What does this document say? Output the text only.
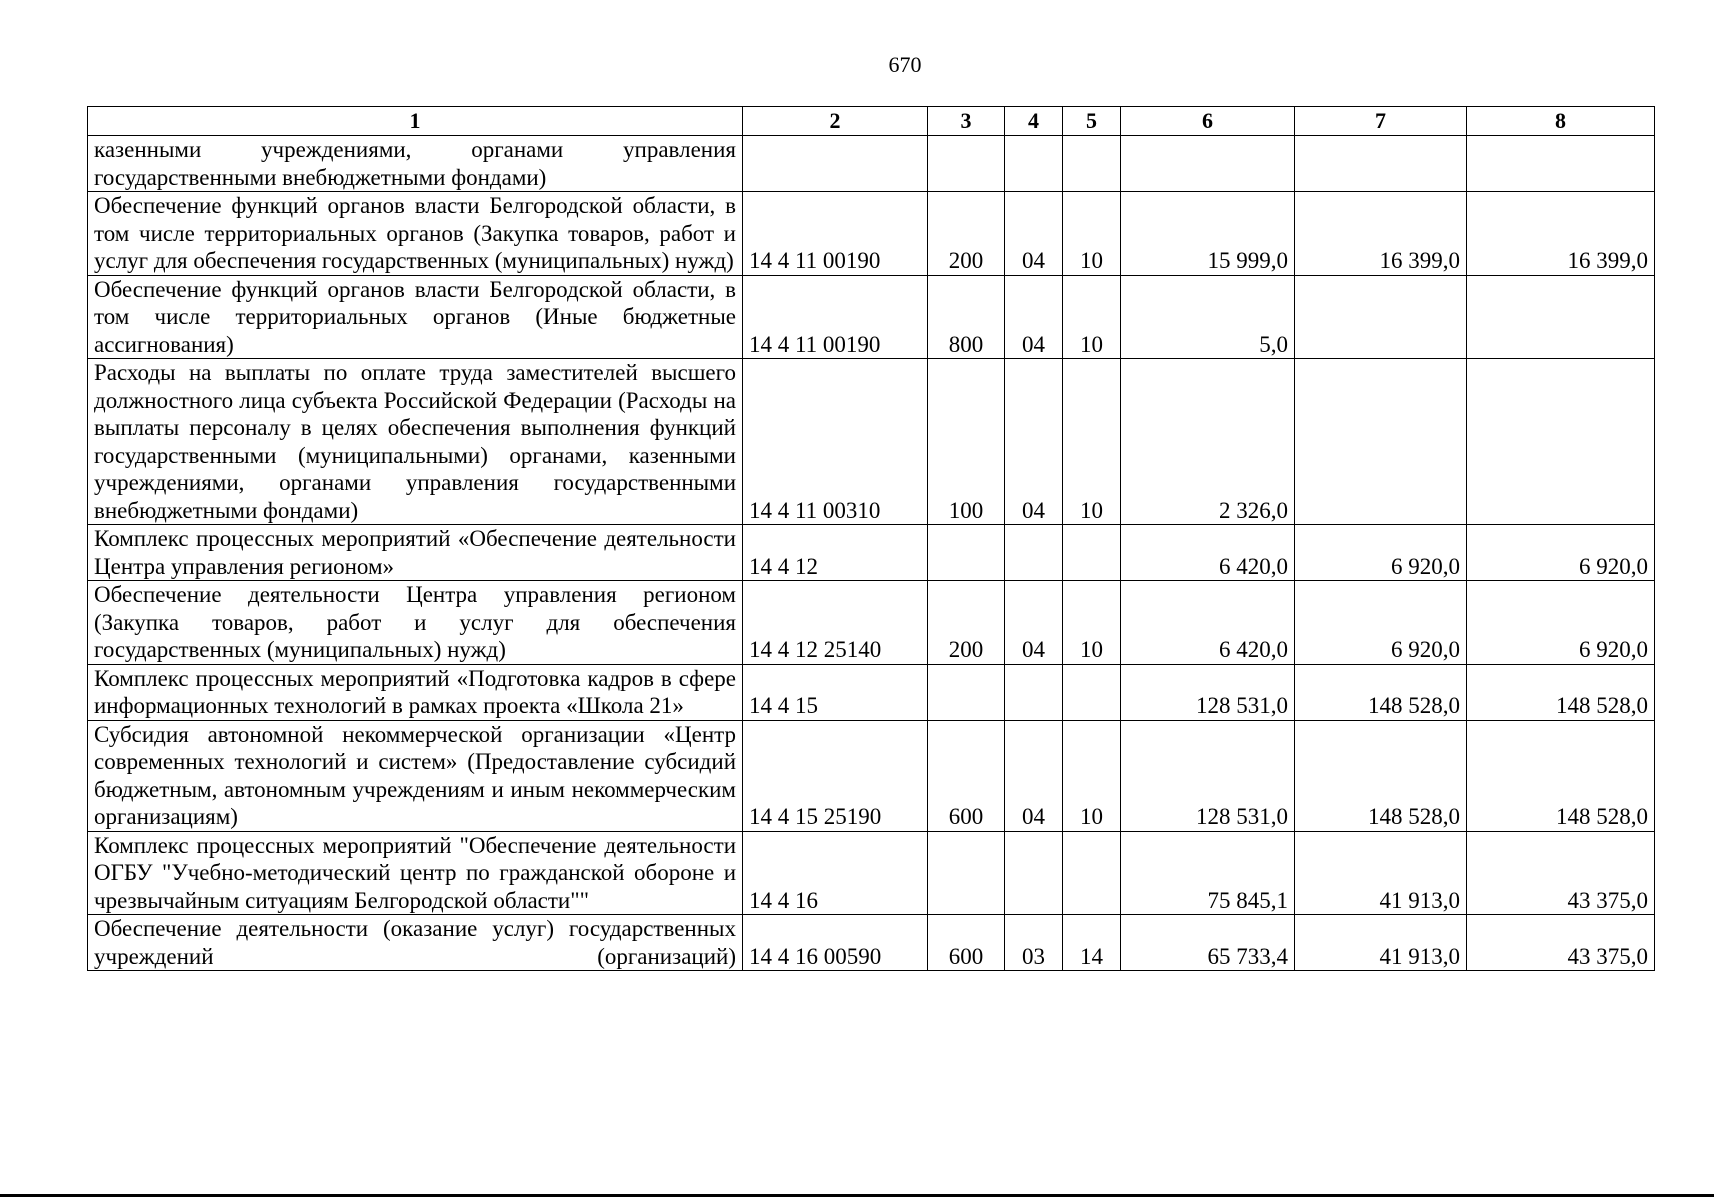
670
1	2	3	4	5	6	7	8
казенными учреждениями, органами управления государственными внебюджетными фондами)							
Обеспечение функций органов власти Белгородской области, в том числе территориальных органов (Закупка товаров, работ и услуг для обеспечения государственных (муниципальных) нужд)	14 4 11 00190	200	04	10	15 999,0	16 399,0	16 399,0
Обеспечение функций органов власти Белгородской области, в том числе территориальных органов (Иные бюджетные ассигнования)	14 4 11 00190	800	04	10	5,0		
Расходы на выплаты по оплате труда заместителей высшего должностного лица субъекта Российской Федерации (Расходы на выплаты персоналу в целях обеспечения выполнения функций государственными (муниципальными) органами, казенными учреждениями, органами управления государственными внебюджетными фондами)	14 4 11 00310	100	04	10	2 326,0		
Комплекс процессных мероприятий «Обеспечение деятельности Центра управления регионом»	14 4 12				6 420,0	6 920,0	6 920,0
Обеспечение деятельности Центра управления регионом (Закупка товаров, работ и услуг для обеспечения государственных (муниципальных) нужд)	14 4 12 25140	200	04	10	6 420,0	6 920,0	6 920,0
Комплекс процессных мероприятий «Подготовка кадров в сфере информационных технологий в рамках проекта «Школа 21»	14 4 15				128 531,0	148 528,0	148 528,0
Субсидия автономной некоммерческой организации «Центр современных технологий и систем» (Предоставление субсидий бюджетным, автономным учреждениям и иным некоммерческим организациям)	14 4 15 25190	600	04	10	128 531,0	148 528,0	148 528,0
Комплекс процессных мероприятий "Обеспечение деятельности ОГБУ "Учебно-методический центр по гражданской обороне и чрезвычайным ситуациям Белгородской области""	14 4 16				75 845,1	41 913,0	43 375,0
Обеспечение деятельности (оказание услуг) государственных учреждений (организаций)	14 4 16 00590	600	03	14	65 733,4	41 913,0	43 375,0
